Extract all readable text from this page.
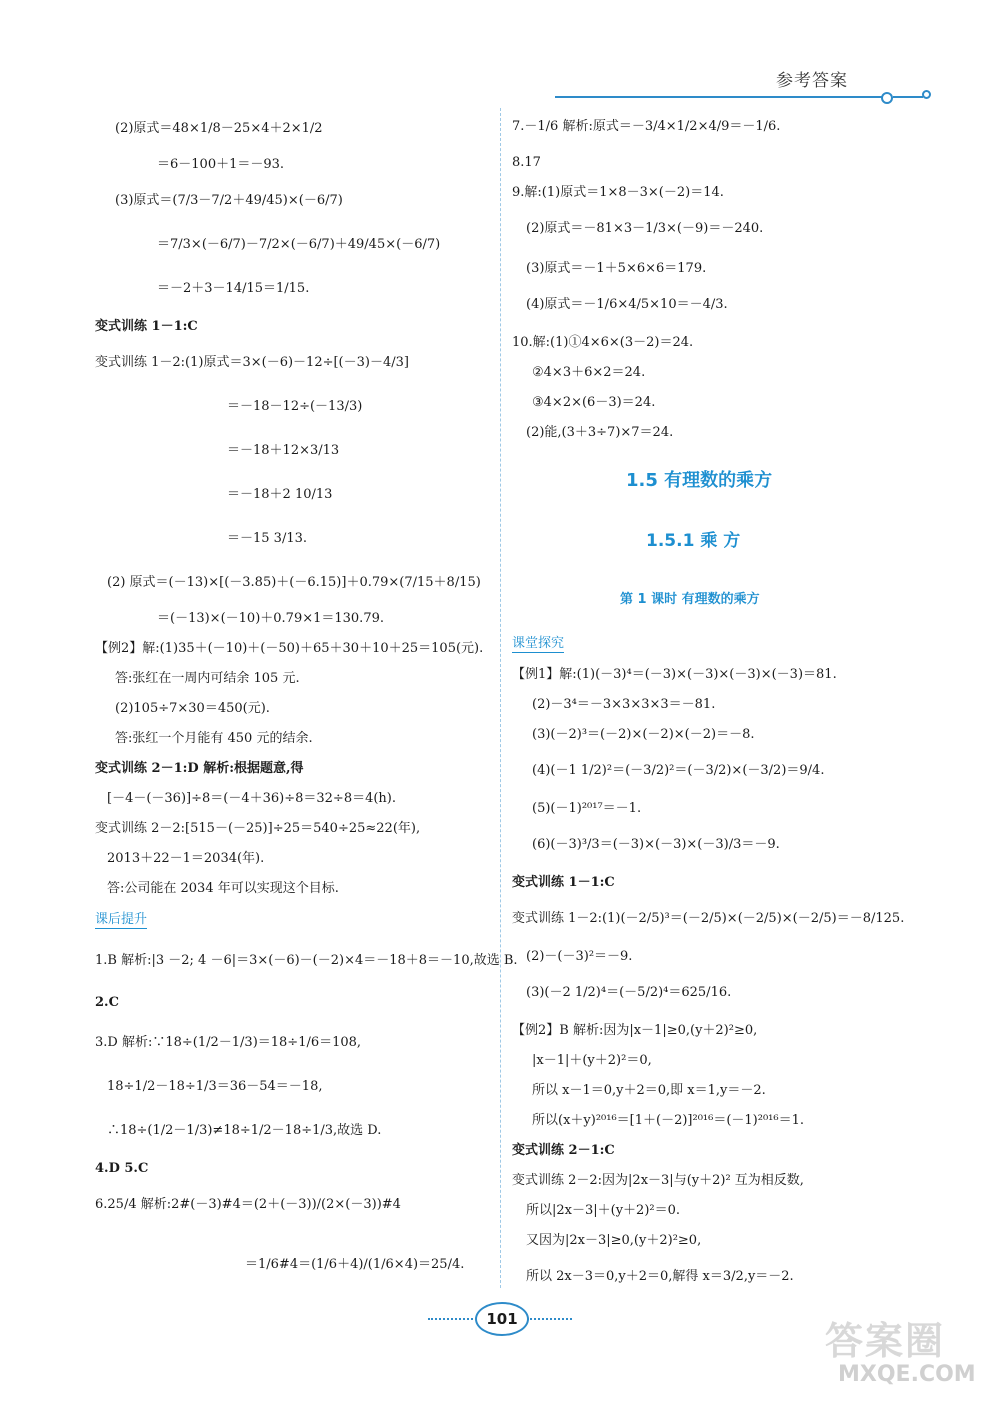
参考答案
(2)原式＝48×1/8－25×4＋2×1/2
＝6－100＋1＝－93.
(3)原式＝(7/3－7/2＋49/45)×(－6/7)
＝7/3×(－6/7)－7/2×(－6/7)＋49/45×(－6/7)
＝－2＋3－14/15＝1/15.
变式训练 1－1:C
变式训练 1－2:(1)原式＝3×(－6)－12÷[(－3)－4/3]
＝－18－12÷(－13/3)
＝－18＋12×3/13
＝－18＋2 10/13
＝－15 3/13.
(2) 原式＝(－13)×[(－3.85)＋(－6.15)]＋0.79×(7/15＋8/15)
＝(－13)×(－10)＋0.79×1＝130.79.
【例2】解:(1)35＋(－10)＋(－50)＋65＋30＋10＋25＝105(元).
答:张红在一周内可结余 105 元.
(2)105÷7×30＝450(元).
答:张红一个月能有 450 元的结余.
变式训练 2－1:D 解析:根据题意,得
[－4－(－36)]÷8＝(－4＋36)÷8＝32÷8＝4(h).
变式训练 2－2:[515－(－25)]÷25＝540÷25≈22(年),
2013＋22－1＝2034(年).
答:公司能在 2034 年可以实现这个目标.
课后提升
1.B 解析:|3 －2; 4 －6|＝3×(－6)－(－2)×4＝－18＋8＝－10,故选 B.
2.C
3.D 解析:∵18÷(1/2－1/3)＝18÷1/6＝108,
18÷1/2－18÷1/3＝36－54＝－18,
∴18÷(1/2－1/3)≠18÷1/2－18÷1/3,故选 D.
4.D 5.C
6.25/4 解析:2#(－3)#4＝(2＋(－3))/(2×(－3))#4
＝1/6#4＝(1/6＋4)/(1/6×4)＝25/4.
7.－1/6 解析:原式＝－3/4×1/2×4/9＝－1/6.
8.17
9.解:(1)原式＝1×8－3×(－2)＝14.
(2)原式＝－81×3－1/3×(－9)＝－240.
(3)原式＝－1＋5×6×6＝179.
(4)原式＝－1/6×4/5×10＝－4/3.
10.解:(1)①4×6×(3－2)＝24.
②4×3＋6×2＝24.
③4×2×(6－3)＝24.
(2)能,(3＋3÷7)×7＝24.
1.5 有理数的乘方
1.5.1 乘 方
第 1 课时 有理数的乘方
课堂探究
【例1】解:(1)(－3)⁴＝(－3)×(－3)×(－3)×(－3)＝81.
(2)－3⁴＝－3×3×3×3＝－81.
(3)(－2)³＝(－2)×(－2)×(－2)＝－8.
(4)(－1 1/2)²＝(－3/2)²＝(－3/2)×(－3/2)＝9/4.
(5)(－1)²⁰¹⁷＝－1.
(6)(－3)³/3＝(－3)×(－3)×(－3)/3＝－9.
变式训练 1－1:C
变式训练 1－2:(1)(－2/5)³＝(－2/5)×(－2/5)×(－2/5)＝－8/125.
(2)－(－3)²＝－9.
(3)(－2 1/2)⁴＝(－5/2)⁴＝625/16.
【例2】B 解析:因为|x－1|≥0,(y＋2)²≥0,
|x－1|＋(y＋2)²＝0,
所以 x－1＝0,y＋2＝0,即 x＝1,y＝－2.
所以(x＋y)²⁰¹⁶＝[1＋(－2)]²⁰¹⁶＝(－1)²⁰¹⁶＝1.
变式训练 2－1:C
变式训练 2－2:因为|2x－3|与(y＋2)² 互为相反数,
所以|2x－3|＋(y＋2)²＝0.
又因为|2x－3|≥0,(y＋2)²≥0,
所以 2x－3＝0,y＋2＝0,解得 x＝3/2,y＝－2.
101	答案圈
MXQE.COM
